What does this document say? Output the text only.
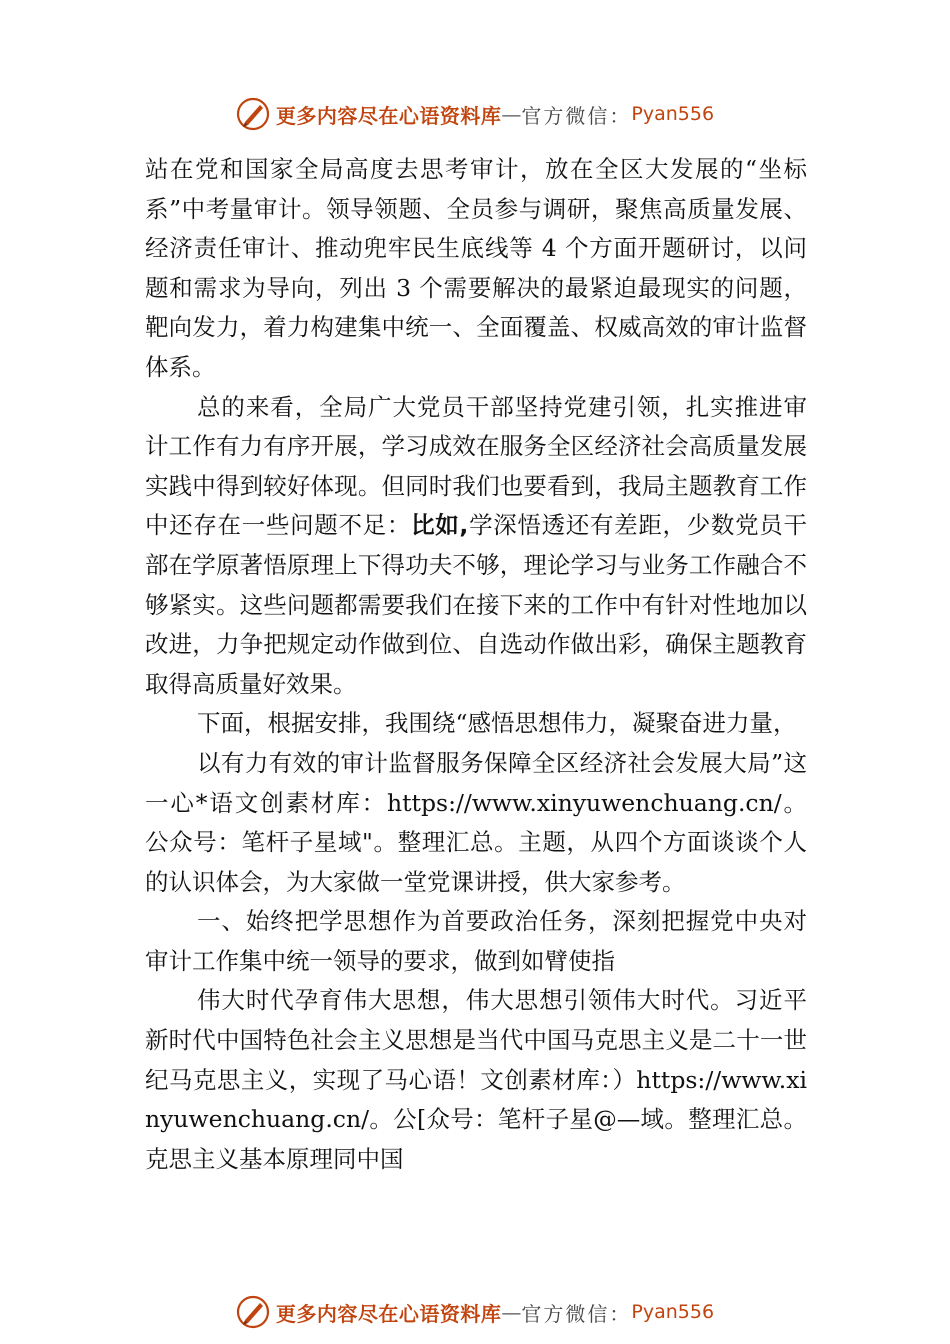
更多内容尽在心语资料库 — 官方微信： Pyan556

站在党和国家全局高度去思考审计，放在全区大发展的“坐标系”中考量审计。领导领题、全员参与调研，聚焦高质量发展、经济责任审计、推动兜牢民生底线等 4 个方面开题研讨，以问题和需求为导向，列出 3 个需要解决的最紧迫最现实的问题，靶向发力，着力构建集中统一、全面覆盖、权威高效的审计监督体系。

总的来看，全局广大党员干部坚持党建引领，扎实推进审计工作有力有序开展，学习成效在服务全区经济社会高质量发展实践中得到较好体现。但同时我们也要看到，我局主题教育工作中还存在一些问题不足：比如,学深悟透还有差距，少数党员干部在学原著悟原理上下得功夫不够，理论学习与业务工作融合不够紧实。这些问题都需要我们在接下来的工作中有针对性地加以改进，力争把规定动作做到位、自选动作做出彩，确保主题教育取得高质量好效果。

下面，根据安排，我围绕“感悟思想伟力，凝聚奋进力量，

以有力有效的审计监督服务保障全区经济社会发展大局”这一心*语文创素材库：https://www.xinyuwenchuang.cn/。公众号：笔杆子星域"。整理汇总。主题，从四个方面谈谈个人的认识体会，为大家做一堂党课讲授，供大家参考。

一、始终把学思想作为首要政治任务，深刻把握党中央对审计工作集中统一领导的要求，做到如臂使指

伟大时代孕育伟大思想，伟大思想引领伟大时代。习近平新时代中国特色社会主义思想是当代中国马克思主义是二十一世纪马克思主义，实现了马心语！文创素材库：）https://www.xinyuwenchuang.cn/。公[众号：笔杆子星@—域。整理汇总。克思主义基本原理同中国

更多内容尽在心语资料库 — 官方微信： Pyan556
